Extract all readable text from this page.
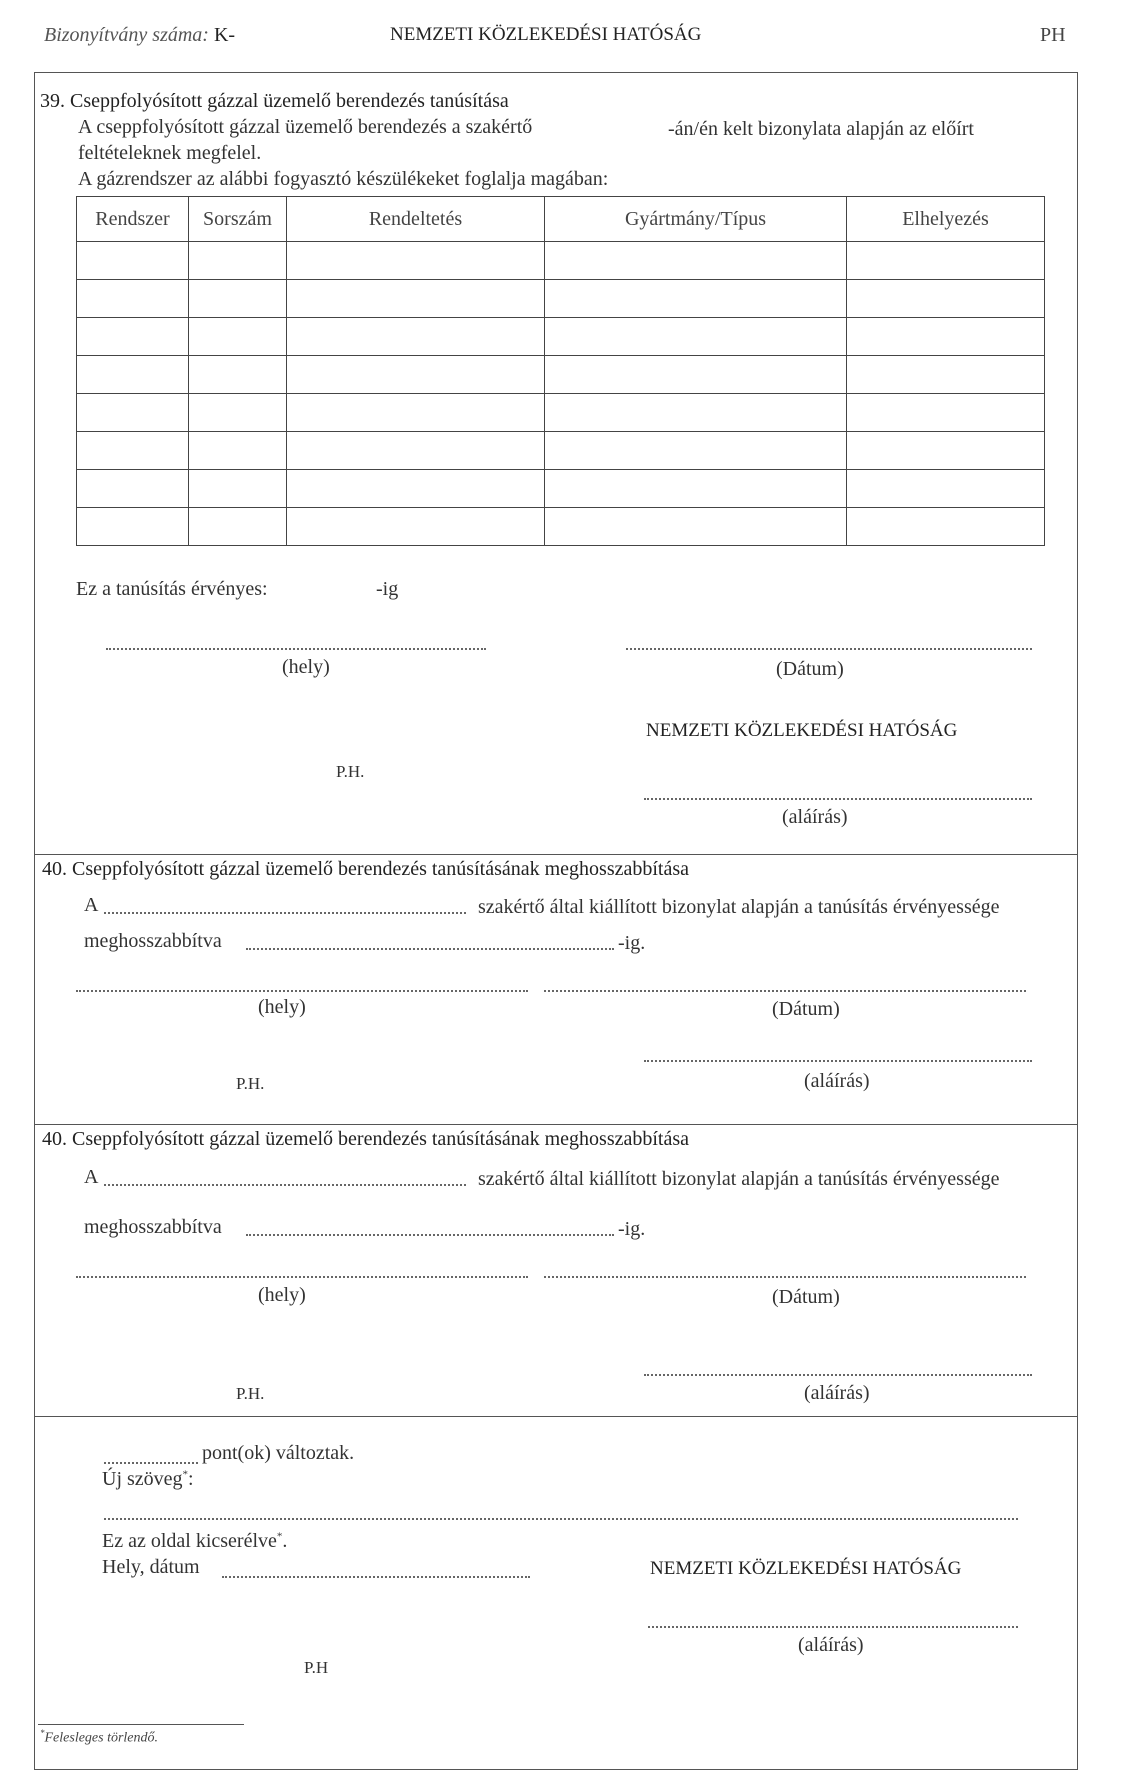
Bizonyítvány száma: K-	NEMZETI KÖZLEKEDÉSI HATÓSÁG	PH
39. Cseppfolyósított gázzal üzemelő berendezés tanúsítása
A cseppfolyósított gázzal üzemelő berendezés a szakértő	-án/én kelt bizonylata alapján az előírt
feltételeknek megfelel.
A gázrendszer az alábbi fogyasztó készülékeket foglalja magában:
Rendszer	Sorszám	Rendeltetés	Gyártmány/Típus	Elhelyezés

Ez a tanúsítás érvényes:	-ig
(hely)	(Dátum)
NEMZETI KÖZLEKEDÉSI HATÓSÁG
P.H.
(aláírás)
40. Cseppfolyósított gázzal üzemelő berendezés tanúsításának meghosszabbítása
A	szakértő által kiállított bizonylat alapján a tanúsítás érvényessége
meghosszabbítva	-ig.
(hely)	(Dátum)
P.H.	(aláírás)
40. Cseppfolyósított gázzal üzemelő berendezés tanúsításának meghosszabbítása
A	szakértő által kiállított bizonylat alapján a tanúsítás érvényessége
meghosszabbítva	-ig.
(hely)	(Dátum)
P.H.	(aláírás)
pont(ok) változtak.
Új szöveg*:
Ez az oldal kicserélve*.
Hely, dátum	NEMZETI KÖZLEKEDÉSI HATÓSÁG
(aláírás)
P.H
*Felesleges törlendő.
